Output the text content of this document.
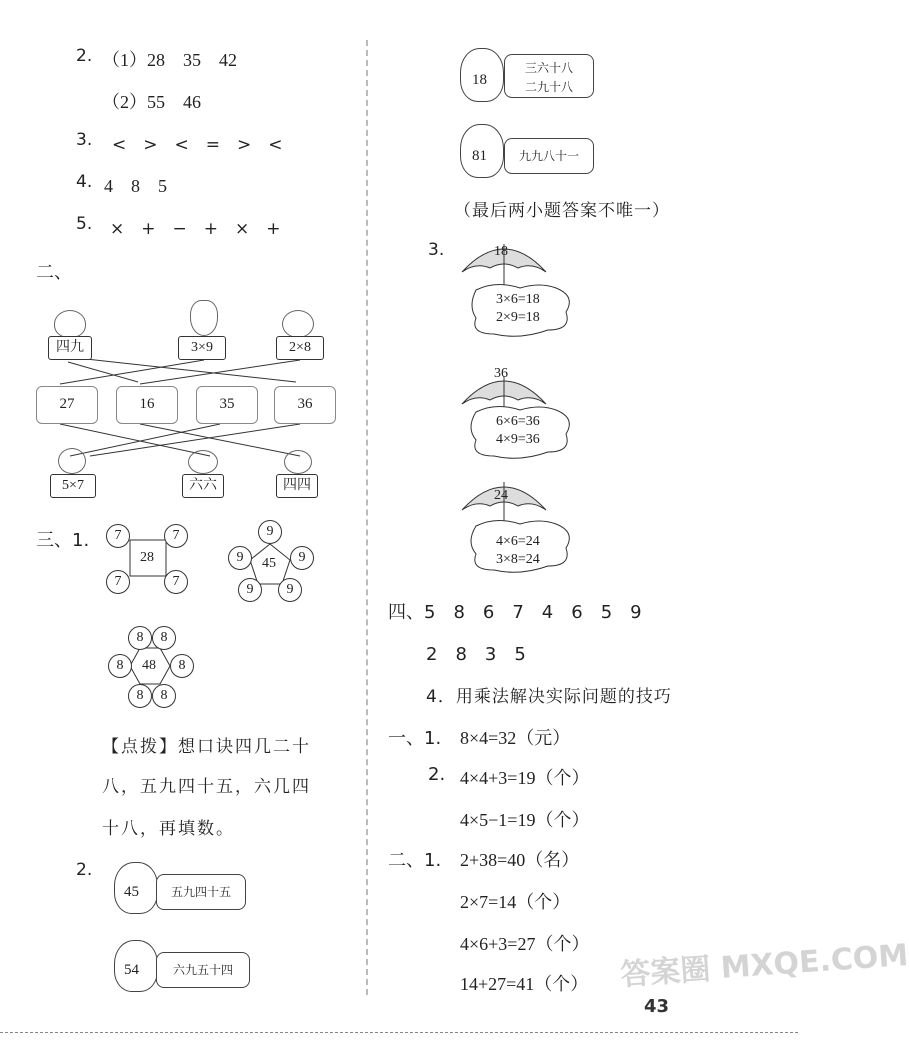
2. （1）28　35　42
（2）55　46
3. <　>　<　=　>　<
4. 4　8　5
5. ×　+　−　+　×　+
二、
四九	3×9	2×8
27	16	35	36
5×7	六六	四四
三、1.
28
7	7
7	7
45
9
9	9
9	9
48
8	8
8	8
8	8
【点拨】想口诀四几二十
八，五九四十五，六几四
十八，再填数。
2.
45	五九四十五
54	六九五十四
18
三六十八
二九十八
81	九九八十一
（最后两小题答案不唯一）
3.	18
3×6=18
2×9=18
36
6×6=36
4×9=36
24
4×6=24
3×8=24
四、5　8　6　7　4　6　5　9
2　8　3　5
4．用乘法解决实际问题的技巧
一、1. 8×4=32（元）
2. 4×4+3=19（个）
4×5−1=19（个）
二、1. 2+38=40（名）
2×7=14（个）
4×6+3=27（个）
14+27=41（个）
43
答案圈 MXQE.COM
